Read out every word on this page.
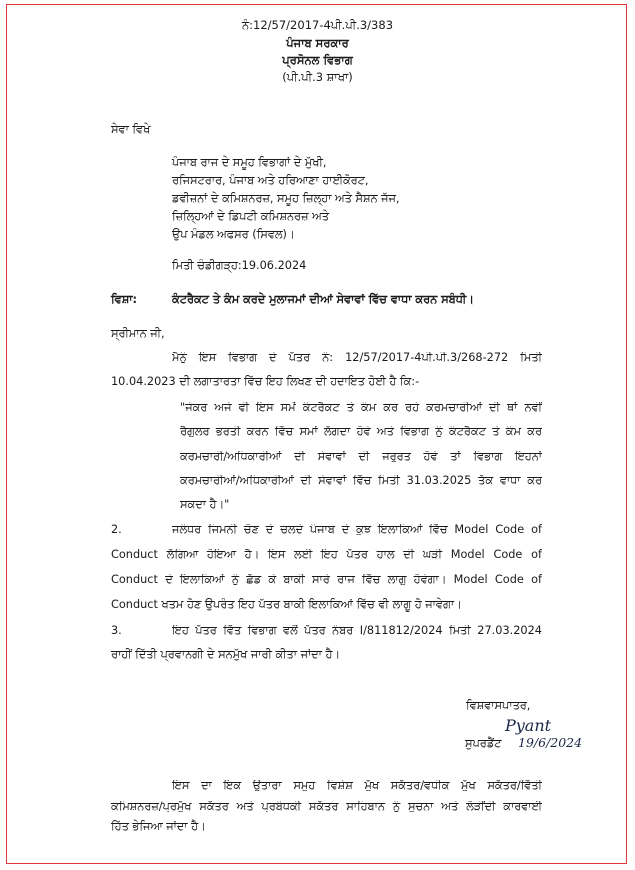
ਨੰ:12/57/2017-4ਪੀ.ਪੀ.3/383
ਪੰਜਾਬ ਸਰਕਾਰ
ਪ੍ਰਸੋਨਲ ਵਿਭਾਗ
(ਪੀ.ਪੀ.3 ਸ਼ਾਖਾ)
ਸੇਵਾ ਵਿਖੇ
ਪੰਜਾਬ ਰਾਜ ਦੇ ਸਮੂਹ ਵਿਭਾਗਾਂ ਦੇ ਮੁੱਖੀ,
ਰਜਿਸਟਰਾਰ, ਪੰਜਾਬ ਅਤੇ ਹਰਿਆਣਾ ਹਾਈਕੋਰਟ,
ਡਵੀਜ਼ਨਾਂ ਦੇ ਕਮਿਸ਼ਨਰਜ਼, ਸਮੂਹ ਜ਼ਿਲ੍ਹਾ ਅਤੇ ਸੈਸ਼ਨ ਜੱਜ,
ਜ਼ਿਲ੍ਹਿਆਂ ਦੇ ਡਿਪਟੀ ਕਮਿਸ਼ਨਰਜ਼ ਅਤੇ
ਉਪ ਮੰਡਲ ਅਫਸਰ (ਸਿਵਲ)।
ਮਿਤੀ ਚੰਡੀਗੜ੍ਹ:19.06.2024
ਵਿਸ਼ਾ:	ਕੰਟਰੈਕਟ ਤੇ ਕੰਮ ਕਰਦੇ ਮੁਲਾਜਮਾਂ ਦੀਆਂ ਸੇਵਾਵਾਂ ਵਿੱਚ ਵਾਧਾ ਕਰਨ ਸਬੰਧੀ।
ਸ੍ਰੀਮਾਨ ਜੀ,
ਮੈਨੂੰ ਇਸ ਵਿਭਾਗ ਦੇ ਪੱਤਰ ਨੰ: 12/57/2017-4ਪੀ.ਪੀ.3/268-272 ਮਿਤੀ
10.04.2023 ਦੀ ਲਗਾਤਾਰਤਾ ਵਿੱਚ ਇਹ ਲਿਖਣ ਦੀ ਹਦਾਇਤ ਹੋਈ ਹੈ ਕਿ:-
"ਜੇਕਰ ਅਜੇ ਵੀ ਇਸ ਸਮੇਂ ਕੰਟਰੈਕਟ ਤੇ ਕੰਮ ਕਰ ਰਹੇ ਕਰਮਚਾਰੀਆਂ ਦੀ ਥਾਂ ਨਵੀਂ
ਰੈਗੂਲਰ ਭਰਤੀ ਕਰਨ ਵਿੱਚ ਸਮਾਂ ਲੱਗਦਾ ਹੋਵੇ ਅਤੇ ਵਿਭਾਗ ਨੂੰ ਕੰਟਰੈਕਟ ਤੇ ਕੰਮ ਕਰ
ਕਰਮਚਾਰੀ/ਅਧਿਕਾਰੀਆਂ ਦੀ ਸੇਵਾਵਾਂ ਦੀ ਜਰੂਰਤ ਹੋਵੇ ਤਾਂ ਵਿਭਾਗ ਇਹਨਾਂ
ਕਰਮਚਾਰੀਆਂ/ਅਧਿਕਾਰੀਆਂ ਦੀ ਸੇਵਾਵਾਂ ਵਿੱਚ ਮਿਤੀ 31.03.2025 ਤੱਕ ਵਾਧਾ ਕਰ
ਸਕਦਾ ਹੈ।"
2.	ਜਲੰਧਰ ਜਿਮਨੀ ਚੋਣ ਦੇ ਚਲਦੇ ਪੰਜਾਬ ਦੇ ਕੁਝ ਇਲਾਕਿਆਂ ਵਿੱਚ Model Code of
Conduct ਲੱਗਿਆ ਹੋਇਆ ਹੈ। ਇਸ ਲਈ ਇਹ ਪੱਤਰ ਹਾਲ ਦੀ ਘੜੀ Model Code of
Conduct ਦੇ ਇਲਾਕਿਆਂ ਨੂੰ ਛੱਡ ਕੇ ਬਾਕੀ ਸਾਰੇ ਰਾਜ ਵਿੱਚ ਲਾਗੂ ਹੋਵੇਗਾ। Model Code of
Conduct ਖਤਮ ਹੋਣ ਉਪਰੰਤ ਇਹ ਪੱਤਰ ਬਾਕੀ ਇਲਾਕਿਆਂ ਵਿੱਚ ਵੀ ਲਾਗੂ ਹੋ ਜਾਵੇਗਾ।
3.	ਇਹ ਪੱਤਰ ਵਿੱਤ ਵਿਭਾਗ ਵਲੋਂ ਪੱਤਰ ਨੰਬਰ I/811812/2024 ਮਿਤੀ 27.03.2024
ਰਾਹੀਂ ਦਿੱਤੀ ਪ੍ਰਵਾਨਗੀ ਦੇ ਸਨਮੁੱਖ ਜਾਰੀ ਕੀਤਾ ਜਾਂਦਾ ਹੈ।
ਵਿਸ਼ਵਾਸਪਾਤਰ,
Pyant
ਸੁਪਰਡੈਂਟ 19/6/2024
ਇਸ ਦਾ ਇਕ ਉਤਾਰਾ ਸਮੂਹ ਵਿਸ਼ੇਸ਼ ਮੁੱਖ ਸਕੱਤਰ/ਵਧੀਕ ਮੁੱਖ ਸਕੱਤਰ/ਵਿੱਤੀ
ਕਮਿਸ਼ਨਰਜ਼/ਪ੍ਰਮੁੱਖ ਸਕੱਤਰ ਅਤੇ ਪ੍ਰਬੰਧਕੀ ਸਕੱਤਰ ਸਾਹਿਬਾਨ ਨੂੰ ਸੂਚਨਾ ਅਤੇ ਲੋੜੀਂਦੀ ਕਾਰਵਾਈ
ਹਿੱਤ ਭੇਜਿਆ ਜਾਂਦਾ ਹੈ।
